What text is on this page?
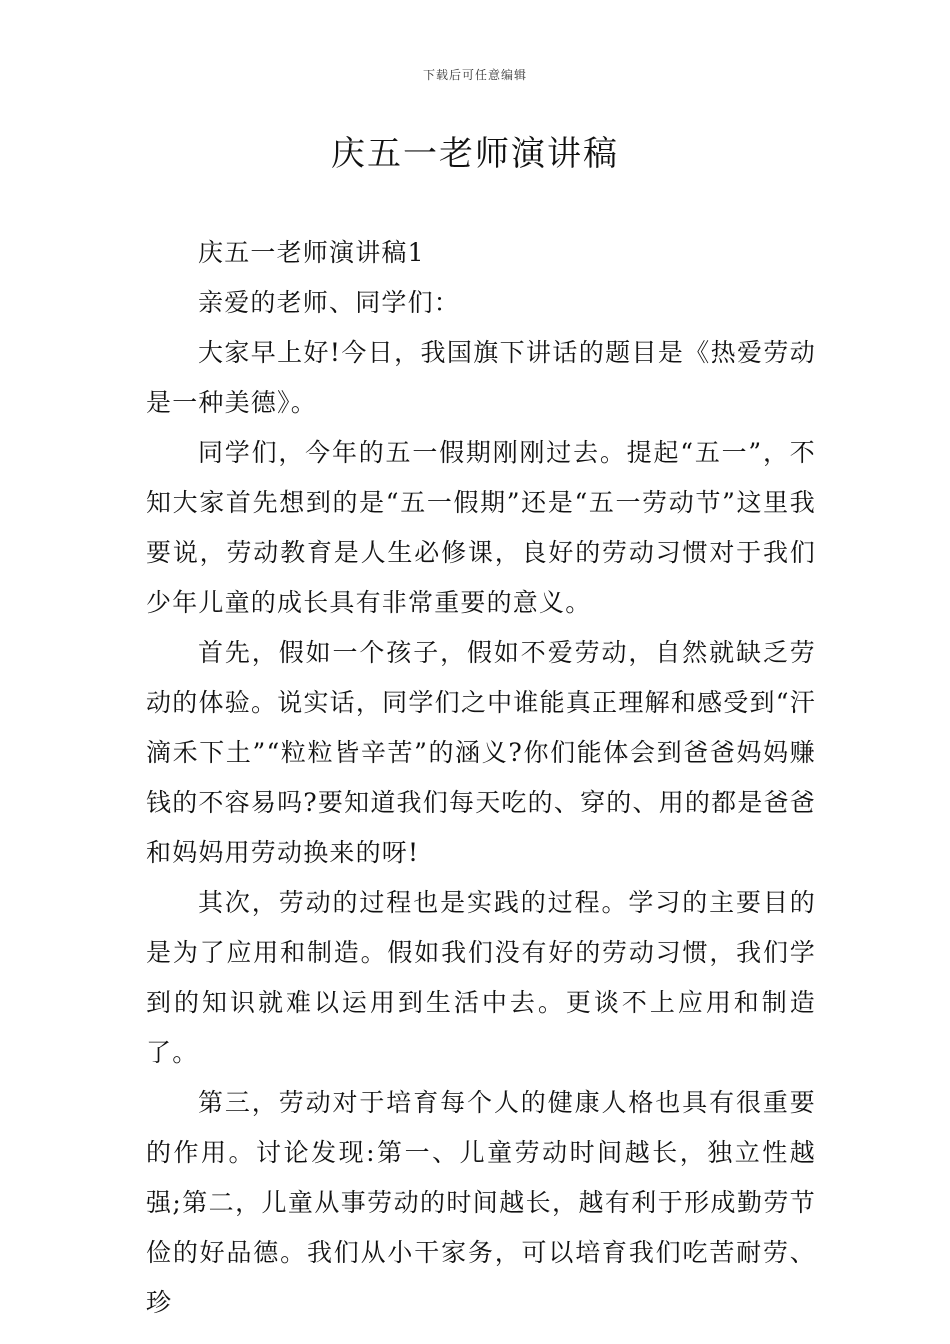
下载后可任意编辑
庆五一老师演讲稿

庆五一老师演讲稿1

亲爱的老师、同学们：

大家早上好!今日，我国旗下讲话的题目是《热爱劳动是一种美德》。

同学们，今年的五一假期刚刚过去。提起“五一”，不知大家首先想到的是“五一假期”还是“五一劳动节”这里我要说，劳动教育是人生必修课，良好的劳动习惯对于我们少年儿童的成长具有非常重要的意义。

首先，假如一个孩子，假如不爱劳动，自然就缺乏劳动的体验。说实话，同学们之中谁能真正理解和感受到“汗滴禾下土”“粒粒皆辛苦”的涵义?你们能体会到爸爸妈妈赚钱的不容易吗?要知道我们每天吃的、穿的、用的都是爸爸和妈妈用劳动换来的呀!

其次，劳动的过程也是实践的过程。学习的主要目的是为了应用和制造。假如我们没有好的劳动习惯，我们学到的知识就难以运用到生活中去。更谈不上应用和制造了。

第三，劳动对于培育每个人的健康人格也具有很重要的作用。讨论发现:第一、儿童劳动时间越长，独立性越强;第二，儿童从事劳动的时间越长，越有利于形成勤劳节俭的好品德。我们从小干家务，可以培育我们吃苦耐劳、珍
